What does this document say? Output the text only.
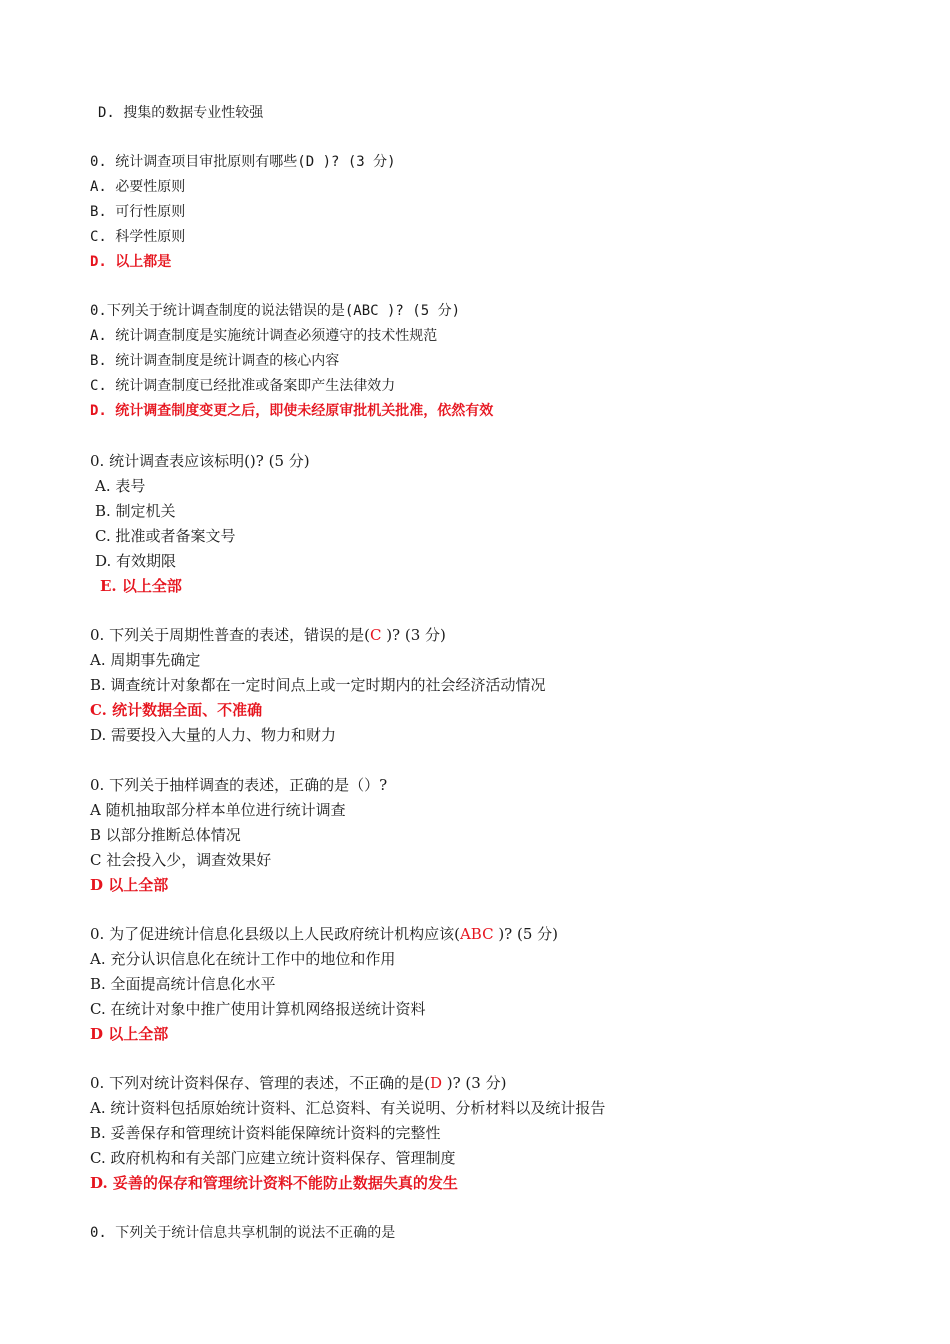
D. 搜集的数据专业性较强
0. 统计调查项目审批原则有哪些(D )? (3 分)
A. 必要性原则
B. 可行性原则
C. 科学性原则
D. 以上都是
0.下列关于统计调查制度的说法错误的是(ABC )? (5 分)
A. 统计调查制度是实施统计调查必须遵守的技术性规范
B. 统计调查制度是统计调查的核心内容
C. 统计调查制度已经批准或备案即产生法律效力
D. 统计调查制度变更之后，即使未经原审批机关批准，依然有效
0. 统计调查表应该标明()? (5 分)
A. 表号
B. 制定机关
C. 批准或者备案文号
D. 有效期限
E. 以上全部
0. 下列关于周期性普查的表述，错误的是(C )? (3 分)
A. 周期事先确定
B. 调查统计对象都在一定时间点上或一定时期内的社会经济活动情况
C. 统计数据全面、不准确
D. 需要投入大量的人力、物力和财力
0. 下列关于抽样调查的表述，正确的是（）?
A 随机抽取部分样本单位进行统计调查
B 以部分推断总体情况
C 社会投入少，调查效果好
D 以上全部
0. 为了促进统计信息化县级以上人民政府统计机构应该(ABC )? (5 分)
A. 充分认识信息化在统计工作中的地位和作用
B. 全面提高统计信息化水平
C. 在统计对象中推广使用计算机网络报送统计资料
D 以上全部
0. 下列对统计资料保存、管理的表述，不正确的是(D )? (3 分)
A. 统计资料包括原始统计资料、汇总资料、有关说明、分析材料以及统计报告
B. 妥善保存和管理统计资料能保障统计资料的完整性
C. 政府机构和有关部门应建立统计资料保存、管理制度
D. 妥善的保存和管理统计资料不能防止数据失真的发生
0. 下列关于统计信息共享机制的说法不正确的是
